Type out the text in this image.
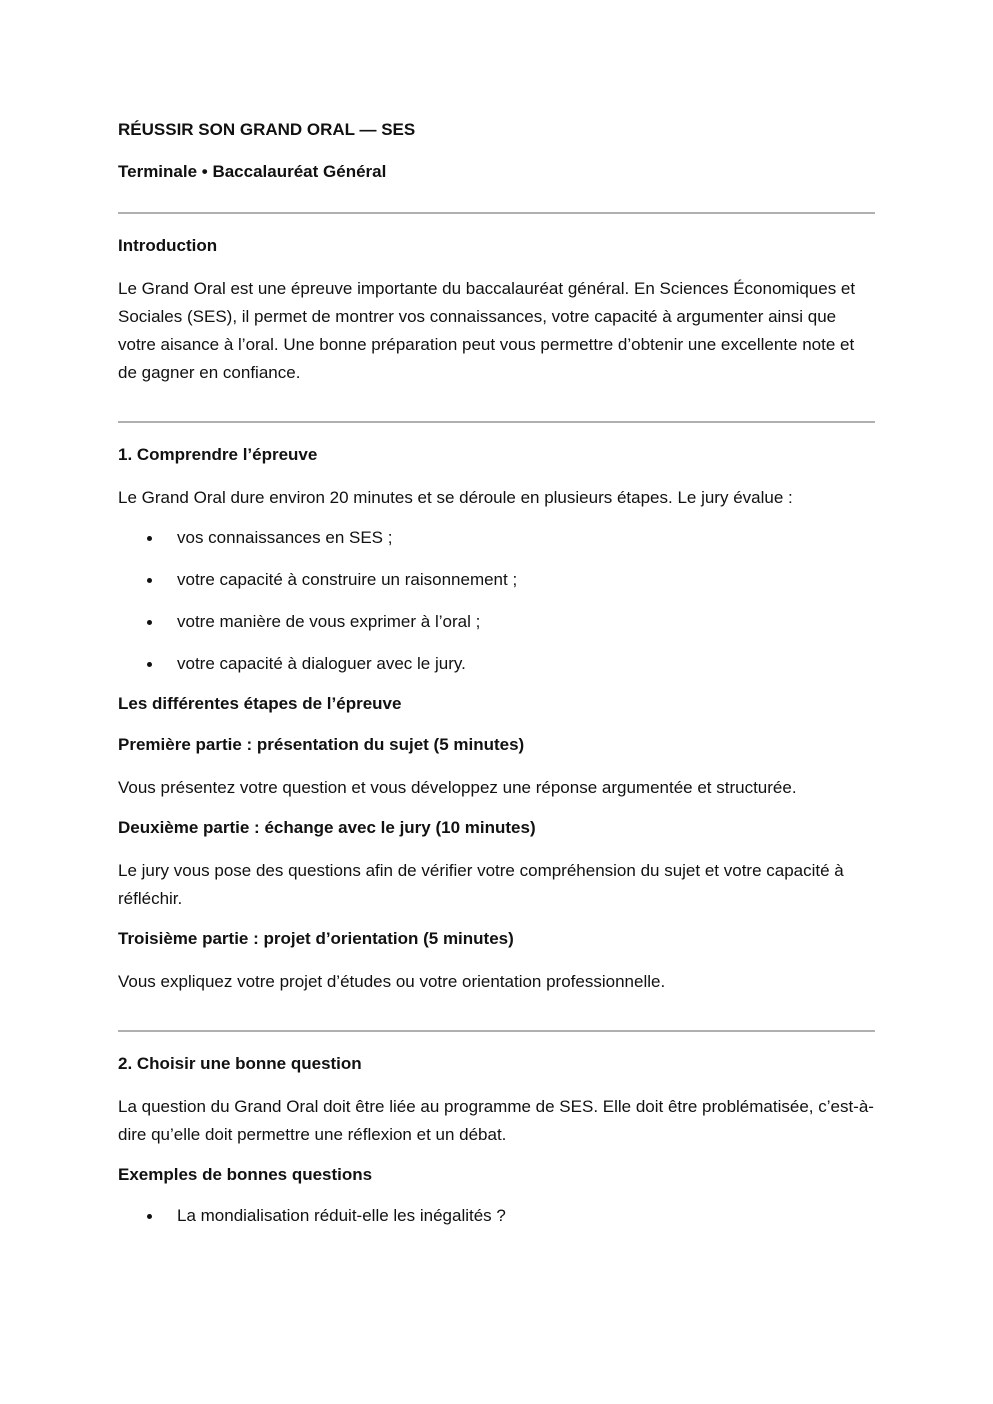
RÉUSSIR SON GRAND ORAL — SES
Terminale • Baccalauréat Général
Introduction
Le Grand Oral est une épreuve importante du baccalauréat général. En Sciences Économiques et Sociales (SES), il permet de montrer vos connaissances, votre capacité à argumenter ainsi que votre aisance à l’oral. Une bonne préparation peut vous permettre d’obtenir une excellente note et de gagner en confiance.
1. Comprendre l’épreuve
Le Grand Oral dure environ 20 minutes et se déroule en plusieurs étapes. Le jury évalue :
vos connaissances en SES ;
votre capacité à construire un raisonnement ;
votre manière de vous exprimer à l’oral ;
votre capacité à dialoguer avec le jury.
Les différentes étapes de l’épreuve
Première partie : présentation du sujet (5 minutes)
Vous présentez votre question et vous développez une réponse argumentée et structurée.
Deuxième partie : échange avec le jury (10 minutes)
Le jury vous pose des questions afin de vérifier votre compréhension du sujet et votre capacité à réfléchir.
Troisième partie : projet d’orientation (5 minutes)
Vous expliquez votre projet d’études ou votre orientation professionnelle.
2. Choisir une bonne question
La question du Grand Oral doit être liée au programme de SES. Elle doit être problématisée, c’est-à-dire qu’elle doit permettre une réflexion et un débat.
Exemples de bonnes questions
La mondialisation réduit-elle les inégalités ?
